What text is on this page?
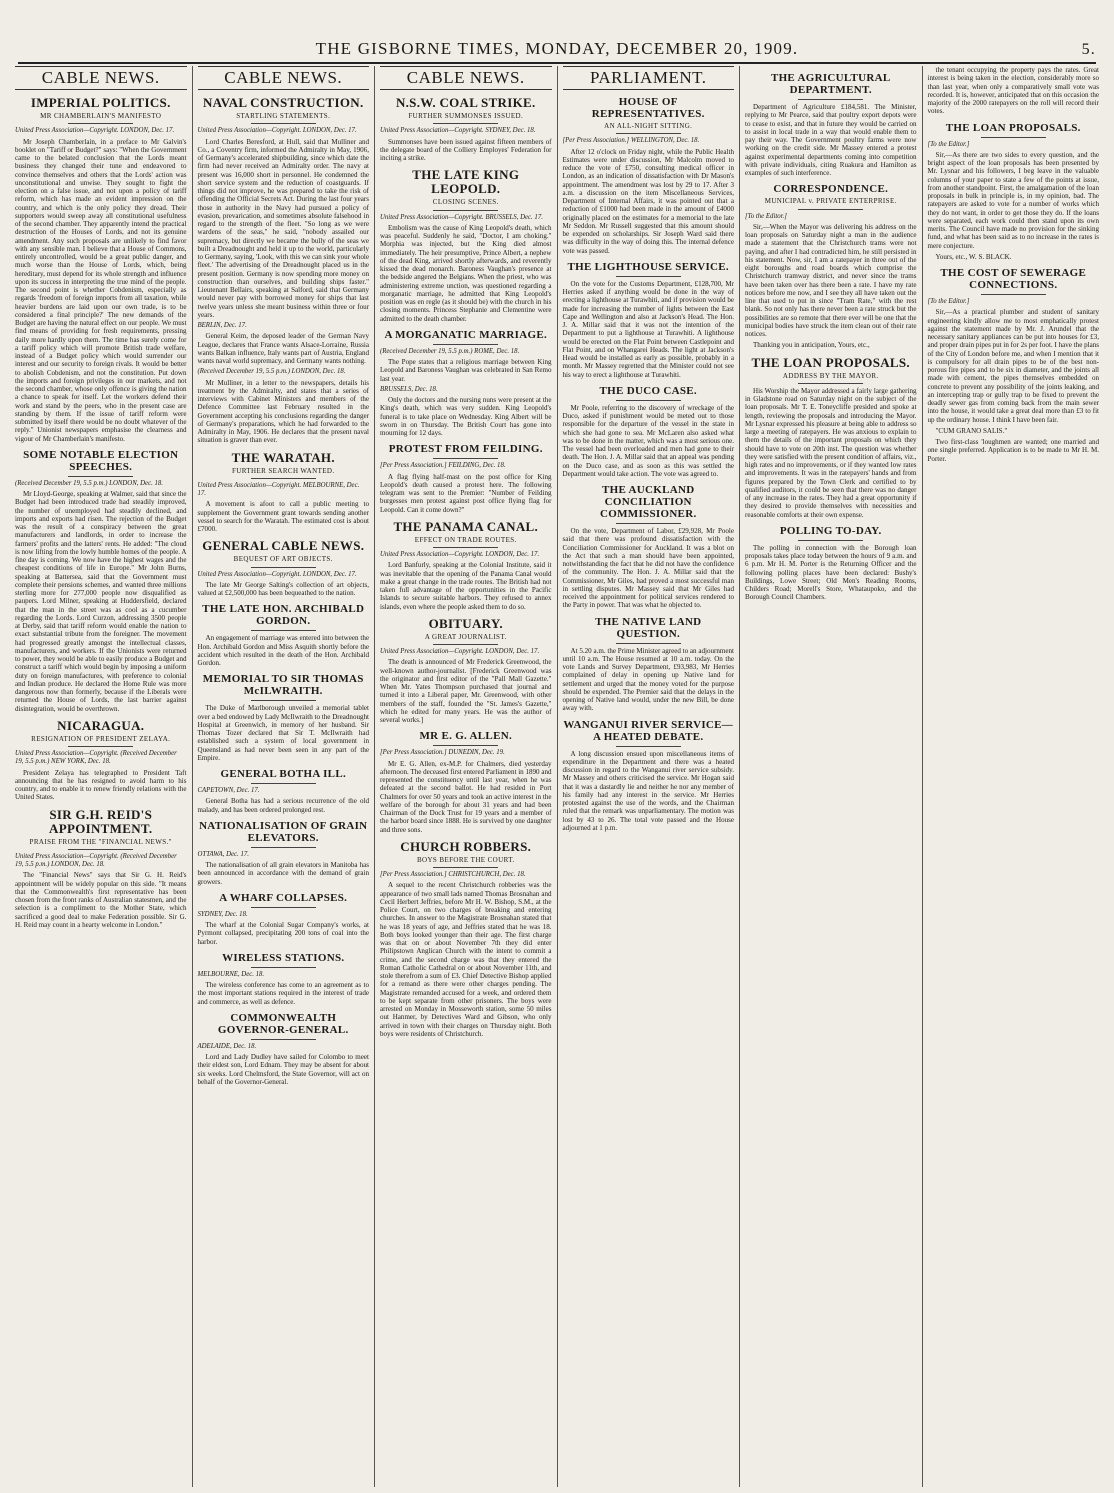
THE GISBORNE TIMES, MONDAY, DECEMBER 20, 1909.	5.
CABLE NEWS.
IMPERIAL POLITICS.
MR CHAMBERLAIN'S MANIFESTO
United Press Association—Copyright. LONDON, Dec. 17.

Mr Joseph Chamberlain, in a preface to Mr Galvin's booklet on "Tariff or Budget?" says: "When the Government came to the belated conclusion that the Lords meant business they changed their tune and endeavored to convince themselves and others that the Lords' action was unconstitutional and unwise. They sought to fight the election on a false issue, and not upon a policy of tariff reform, which has made an evident impression on the country, and which is the only policy they dread. Their supporters would sweep away all constitutional usefulness of the second chamber. They apparently intend the practical destruction of the Houses of Lords, and not its genuine amendment. Any such proposals are unlikely to find favor with any sensible man. I believe that a House of Commons, entirely uncontrolled, would be a great public danger, and much worse than the House of Lords, which, being hereditary, must depend for its whole strength and influence upon its success in interpreting the true mind of the people. The second point is whether Cobdenism, especially as regards 'freedom of foreign imports from all taxation, while heavier burdens are laid upon our own trade, is to be considered a final principle?' The new demands of the Budget are having the natural effect on our people. We must find means of providing for fresh requirements, pressing daily more hardly upon them. The time has surely come for a tariff policy which will promote British trade welfare, instead of a Budget policy which would surrender our interest and our security to foreign rivals. It would be better to abolish Cobdenism, and not the constitution. Put down the imports and foreign privileges in our markets, and not the second chamber, whose only offence is giving the nation a chance to speak for itself. Let the workers defend their work and stand by the peers, who in the present case are standing by them. If the issue of tariff reform were submitted by itself there would be no doubt whatever of the reply." Unionist newspapers emphasise the clearness and vigour of Mr Chamberlain's manifesto.

SOME NOTABLE ELECTION SPEECHES.
(Received December 19, 5.5 p.m.) LONDON, Dec. 18.

Mr Lloyd-George, speaking at Walmer, said that since the Budget had been introduced trade had steadily improved, the number of unemployed had steadily declined, and imports and exports had risen. The rejection of the Budget was the result of a conspiracy between the great manufacturers and landlords, in order to increase the farmers' profits and the latters' rents. He added: "The cloud is now lifting from the lowly humble homes of the people. A fine day is coming. We now have the highest wages and the cheapest conditions of life in Europe." Mr John Burns, speaking at Battersea, said that the Government must complete their pensions schemes, and wanted three millions sterling more for 277,000 people now disqualified as paupers. Lord Milner, speaking at Huddersfield, declared that the man in the street was as cool as a cucumber regarding the Lords. Lord Curzon, addressing 3500 people at Derby, said that tariff reform would enable the nation to exact substantial tribute from the foreigner. The movement had progressed greatly amongst the intellectual classes, manufacturers, and workers. If the Unionists were returned to power, they would be able to easily produce a Budget and construct a tariff which would begin by imposing a uniform duty on foreign manufactures, with preference to colonial and Indian produce. He declared the Home Rule was more dangerous now than formerly, because if the Liberals were returned the House of Lords, the last barrier against disintegration, would be overthrown.

NICARAGUA.
RESIGNATION OF PRESIDENT ZELAYA.
United Press Association—Copyright. (Received December 19, 5.5 p.m.) NEW YORK, Dec. 18.

President Zelaya has telegraphed to President Taft announcing that he has resigned to avoid harm to his country, and to enable it to renew friendly relations with the United States.

SIR G.H. REID'S APPOINTMENT.
PRAISE FROM THE "FINANCIAL NEWS."
United Press Association—Copyright. (Received December 19, 5.5 p.m.) LONDON, Dec. 18.

The "Financial News" says that Sir G. H. Reid's appointment will be widely popular on this side. "It means that the Commonwealth's first representative has been chosen from the front ranks of Australian statesmen, and the selection is a compliment to the Mother State, which sacrificed a good deal to make Federation possible. Sir G. H. Reid may count in a hearty welcome in London."

CABLE NEWS.
NAVAL CONSTRUCTION.
STARTLING STATEMENTS.
United Press Association—Copyright. LONDON, Dec. 17.

Lord Charles Beresford, at Hull, said that Mulliner and Co., a Coventry firm, informed the Admiralty in May, 1906, of Germany's accelerated shipbuilding, since which date the firm had never received an Admiralty order. The navy at present was 16,000 short in personnel. He condemned the short service system and the reduction of coastguards. If things did not improve, he was prepared to take the risk of offending the Official Secrets Act. During the last four years those in authority in the Navy had pursued a policy of evasion, prevarication, and sometimes absolute falsehood in regard to the strength of the fleet. "So long as we were wardens of the seas," he said, "nobody assailed our supremacy, but directly we became the bully of the seas we built a Dreadnought and held it up to the world, particularly to Germany, saying, 'Look, with this we can sink your whole fleet.' The advertising of the Dreadnought placed us in the present position. Germany is now spending more money on construction than ourselves, and building ships faster." Lieutenant Bellairs, speaking at Salford, said that Germany would never pay with borrowed money for ships that last twelve years unless she meant business within three or four years.

BERLIN, Dec. 17.

General Keim, the deposed leader of the German Navy League, declares that France wants Alsace-Lorraine, Russia wants Balkan influence, Italy wants part of Austria, England wants naval world supremacy, and Germany wants nothing.

(Received December 19, 5.5 p.m.) LONDON, Dec. 18.

Mr Mulliner, in a letter to the newspapers, details his treatment by the Admiralty, and states that a series of interviews with Cabinet Ministers and members of the Defence Committee last February resulted in the Government accepting his conclusions regarding the danger of Germany's preparations, which he had forwarded to the Admiralty in May, 1906. He declares that the present naval situation is graver than ever.

THE WARATAH.
FURTHER SEARCH WANTED.
United Press Association—Copyright. MELBOURNE, Dec. 17.

A movement is afoot to call a public meeting to supplement the Government grant towards sending another vessel to search for the Waratah. The estimated cost is about £7000.

GENERAL CABLE NEWS.
BEQUEST OF ART OBJECTS.
United Press Association—Copyright. LONDON, Dec. 17.

The late Mr George Salting's collection of art objects, valued at £2,500,000 has been bequeathed to the nation.

THE LATE HON. ARCHIBALD GORDON.

An engagement of marriage was entered into between the Hon. Archibald Gordon and Miss Asquith shortly before the accident which resulted in the death of the Hon. Archibald Gordon.

MEMORIAL TO SIR THOMAS McILWRAITH.

The Duke of Marlborough unveiled a memorial tablet over a bed endowed by Lady McIlwraith to the Dreadnought Hospital at Greenwich, in memory of her husband. Sir Thomas Tozer declared that Sir T. McIlwraith had established such a system of local government in Queensland as had never been seen in any part of the Empire.

GENERAL BOTHA ILL.
CAPETOWN, Dec. 17.

General Botha has had a serious recurrence of the old malady, and has been ordered prolonged rest.

NATIONALISATION OF GRAIN ELEVATORS.
OTTAWA, Dec. 17.

The nationalisation of all grain elevators in Manitoba has been announced in accordance with the demand of grain growers.

A WHARF COLLAPSES.
SYDNEY, Dec. 18.

The wharf at the Colonial Sugar Company's works, at Pyrmont collapsed, precipitating 200 tons of coal into the harbor.

WIRELESS STATIONS.
MELBOURNE, Dec. 18.

The wireless conference has come to an agreement as to the most important stations required in the interest of trade and commerce, as well as defence.

COMMONWEALTH GOVERNOR-GENERAL.
ADELAIDE, Dec. 18.

Lord and Lady Dudley have sailed for Colombo to meet their eldest son, Lord Ednam. They may be absent for about six weeks. Lord Chelmsford, the State Governor, will act on behalf of the Governor-General.

CABLE NEWS.
N.S.W. COAL STRIKE.
FURTHER SUMMONSES ISSUED.
United Press Association—Copyright. SYDNEY, Dec. 18.

Summonses have been issued against fifteen members of the delegate board of the Colliery Employes' Federation for inciting a strike.

THE LATE KING LEOPOLD.
CLOSING SCENES.
United Press Association—Copyright. BRUSSELS, Dec. 17.

Embolism was the cause of King Leopold's death, which was peaceful. Suddenly he said, "Doctor, I am choking." Morphia was injected, but the King died almost immediately. The heir presumptive, Prince Albert, a nephew of the dead King, arrived shortly afterwards, and reverently kissed the dead monarch. Baroness Vaughan's presence at the bedside angered the Belgians. When the priest, who was administering extreme unction, was questioned regarding a morganatic marriage, he admitted that King Leopold's position was en regle (as it should be) with the church in his closing moments. Princess Stephanie and Clementine were admitted to the death chamber.

A MORGANATIC MARRIAGE.
(Received December 19, 5.5 p.m.) ROME, Dec. 18.

The Pope states that a religious marriage between King Leopold and Baroness Vaughan was celebrated in San Remo last year.

BRUSSELS, Dec. 18.

Only the doctors and the nursing nuns were present at the King's death, which was very sudden. King Leopold's funeral is to take place on Wednesday. King Albert will be sworn in on Thursday. The British Court has gone into mourning for 12 days.

PROTEST FROM FEILDING.
[Per Press Association.] FEILDING, Dec. 18.

A flag flying half-mast on the post office for King Leopold's death caused a protest here. The following telegram was sent to the Premier: "Number of Feilding burgesses men protest against post office flying flag for Leopold. Can it come down?"

THE PANAMA CANAL.
EFFECT ON TRADE ROUTES.
United Press Association—Copyright. LONDON, Dec. 17.

Lord Banfurly, speaking at the Colonial Institute, said it was inevitable that the opening of the Panama Canal would make a great change in the trade routes. The British had not taken full advantage of the opportunities in the Pacific Islands to secure suitable harbors. They refused to annex islands, even where the people asked them to do so.

OBITUARY.
A GREAT JOURNALIST.
United Press Association—Copyright. LONDON, Dec. 17.

The death is announced of Mr Frederick Greenwood, the well-known author-journalist. [Frederick Greenwood was the originator and first editor of the "Pall Mall Gazette." When Mr. Yates Thompson purchased that journal and turned it into a Liberal paper, Mr. Greenwood, with other members of the staff, founded the "St. James's Gazette," which he edited for many years. He was the author of several works.]

MR E. G. ALLEN.
[Per Press Association.] DUNEDIN, Dec. 19.

Mr E. G. Allen, ex-M.P. for Chalmers, died yesterday afternoon. The deceased first entered Parliament in 1890 and represented the constituency until last year, when he was defeated at the second ballot. He had resided in Port Chalmers for over 50 years and took an active interest in the welfare of the borough for about 31 years and had been Chairman of the Dock Trust for 19 years and a member of the harbor board since 1888. He is survived by one daughter and three sons.

CHURCH ROBBERS.
BOYS BEFORE THE COURT.
[Per Press Association.] CHRISTCHURCH, Dec. 18.

A sequel to the recent Christchurch robberies was the appearance of two small lads named Thomas Brosnahan and Cecil Herbert Jeffries, before Mr H. W. Bishop, S.M., at the Police Court, on two charges of breaking and entering churches. In answer to the Magistrate Brosnahan stated that he was 18 years of age, and Jeffries stated that he was 18. Both boys looked younger than their age. The first charge was that on or about November 7th they did enter Philipstown Anglican Church with the intent to commit a crime, and the second charge was that they entered the Roman Catholic Cathedral on or about November 11th, and stole therefrom a sum of £3. Chief Detective Bishop applied for a remand as there were other charges pending. The Magistrate remanded accused for a week, and ordered them to be kept separate from other prisoners. The boys were arrested on Monday in Mosseworth station, some 50 miles out Hanmer, by Detectives Ward and Gibson, who only arrived in town with their charges on Thursday night. Both boys were residents of Christchurch.

PARLIAMENT.
HOUSE OF REPRESENTATIVES.
AN ALL-NIGHT SITTING.
[Per Press Association.] WELLINGTON, Dec. 18.

After 12 o'clock on Friday night, while the Public Health Estimates were under discussion, Mr Malcolm moved to reduce the vote of £750, consulting medical officer in London, as an indication of dissatisfaction with Dr Mason's appointment. The amendment was lost by 29 to 17. After 3 a.m. a discussion on the item Miscellaneous Services, Department of Internal Affairs, it was pointed out that a reduction of £1000 had been made in the amount of £4000 originally placed on the estimates for a memorial to the late Mr Seddon. Mr Russell suggested that this amount should be expended on scholarships. Sir Joseph Ward said there was difficulty in the way of doing this. The internal defence vote was passed.

THE LIGHTHOUSE SERVICE.

On the vote for the Customs Department, £128,700, Mr Herries asked if anything would be done in the way of erecting a lighthouse at Turawhiti, and if provision would be made for increasing the number of lights between the East Cape and Wellington and also at Jackson's Head. The Hon. J. A. Millar said that it was not the intention of the Department to put a lighthouse at Turawhiti. A lighthouse would be erected on the Flat Point between Castlepoint and Flat Point, and on Whangarei Heads. The light at Jackson's Head would be installed as early as possible, probably in a month. Mr Massey regretted that the Minister could not see his way to erect a lighthouse at Turawhiti.

THE DUCO CASE.

Mr Poole, referring to the discovery of wreckage of the Duco, asked if punishment would be meted out to those responsible for the departure of the vessel in the state in which she had gone to sea. Mr McLaren also asked what was to be done in the matter, which was a most serious one. The vessel had been overloaded and men had gone to their death. The Hon. J. A. Millar said that an appeal was pending on the Duco case, and as soon as this was settled the Department would take action. The vote was agreed to.

THE AUCKLAND CONCILIATION COMMISSIONER.

On the vote, Department of Labor, £29,928, Mr Poole said that there was profound dissatisfaction with the Conciliation Commissioner for Auckland. It was a blot on the Act that such a man should have been appointed, notwithstanding the fact that he did not have the confidence of the community. The Hon. J. A. Millar said that the Commissioner, Mr Giles, had proved a most successful man in settling disputes. Mr Massey said that Mr Giles had received the appointment for political services rendered to the Party in power. That was what he objected to.

THE NATIVE LAND QUESTION.

At 5.20 a.m. the Prime Minister agreed to an adjournment until 10 a.m. The House resumed at 10 a.m. today. On the vote Lands and Survey Department, £93,983, Mr Herries complained of delay in opening up Native land for settlement and urged that the money voted for the purpose should be expended. The Premier said that the delays in the opening of Native land would, under the new Bill, be done away with.

WANGANUI RIVER SERVICE—A HEATED DEBATE.

A long discussion ensued upon miscellaneous items of expenditure in the Department and there was a heated discussion in regard to the Wanganui river service subsidy. Mr Massey and others criticised the service. Mr Hogan said that it was a dastardly lie and neither he nor any member of his family had any interest in the service. Mr Herries protested against the use of the words, and the Chairman ruled that the remark was unparliamentary. The motion was lost by 43 to 26. The total vote passed and the House adjourned at 1 p.m.

THE AGRICULTURAL DEPARTMENT.

Department of Agriculture £184,581. The Minister, replying to Mr Pearce, said that poultry export depots were to cease to exist, and that in future they would be carried on to assist in local trade in a way that would enable them to pay their way. The Government poultry farms were now working on the credit side. Mr Massey entered a protest against experimental departments coming into competition with private individuals, citing Ruakura and Hamilton as examples of such interference.

CORRESPONDENCE.
MUNICIPAL v. PRIVATE ENTERPRISE.
[To the Editor.]

Sir,—When the Mayor was delivering his address on the loan proposals on Saturday night a man in the audience made a statement that the Christchurch trams were not paying, and after I had contradicted him, he still persisted in his statement. Now, sir, I am a ratepayer in three out of the eight boroughs and road boards which comprise the Christchurch tramway district, and never since the trams have been taken over has there been a rate. I have my rate notices before me now, and I see they all have taken out the line that used to put in since "Tram Rate," with the rest blank. So not only has there never been a rate struck but the possibilities are so remote that there ever will be one that the municipal bodies have struck the item clean out of their rate notices.

Thanking you in anticipation, Yours, etc.,

THE LOAN PROPOSALS.
ADDRESS BY THE MAYOR.

His Worship the Mayor addressed a fairly large gathering in Gladstone road on Saturday night on the subject of the loan proposals. Mr T. E. Toneycliffe presided and spoke at length, reviewing the proposals and introducing the Mayor. Mr Lysnar expressed his pleasure at being able to address so large a meeting of ratepayers. He was anxious to explain to them the details of the important proposals on which they should have to vote on 20th inst. The question was whether they were satisfied with the present condition of affairs, viz., high rates and no improvements, or if they wanted low rates and improvements. It was in the ratepayers' hands and from figures prepared by the Town Clerk and certified to by qualified auditors, it could be seen that there was no danger of any increase in the rates. They had a great opportunity if they desired to provide themselves with necessities and reasonable comforts at their own expense.

POLLING TO-DAY.

The polling in connection with the Borough loan proposals takes place today between the hours of 9 a.m. and 6 p.m. Mr H. M. Porter is the Returning Officer and the following polling places have been declared: Bushy's Buildings, Lowe Street; Old Men's Reading Rooms, Childers Road; Morell's Store, Whataupoko, and the Borough Council Chambers.

the tenant occupying the property pays the rates. Great interest is being taken in the election, considerably more so than last year, when only a comparatively small vote was recorded. It is, however, anticipated that on this occasion the majority of the 2000 ratepayers on the roll will record their votes.

THE LOAN PROPOSALS.
[To the Editor.]

Sir,—As there are two sides to every question, and the bright aspect of the loan proposals has been presented by Mr. Lysnar and his followers, I beg leave in the valuable columns of your paper to state a few of the points at issue, from another standpoint. First, the amalgamation of the loan proposals in bulk in principle is, in my opinion, bad. The ratepayers are asked to vote for a number of works which they do not want, in order to get those they do. If the loans were separated, each work could then stand upon its own merits. The Council have made no provision for the sinking fund, and what has been said as to no increase in the rates is mere conjecture.

Yours, etc., W. S. BLACK.

THE COST OF SEWERAGE CONNECTIONS.
[To the Editor.]

Sir,—As a practical plumber and student of sanitary engineering kindly allow me to most emphatically protest against the statement made by Mr. J. Arundel that the necessary sanitary appliances can be put into houses for £3, and proper drain pipes put in for 2s per foot. I have the plans of the City of London before me, and when I mention that it is compulsory for all drain pipes to be of the best non-porous fire pipes and to be six in diameter, and the joints all made with cement, the pipes themselves embedded on concrete to prevent any possibility of the joints leaking, and an intercepting trap or gully trap to be fixed to prevent the deadly sewer gas from coming back from the main sewer into the house, it would take a great deal more than £3 to fit up the ordinary house. I think I have been fair.

"CUM GRANO SALIS."

Two first-class 'loughmen are wanted; one married and one single preferred. Application is to be made to Mr H. M. Porter.
